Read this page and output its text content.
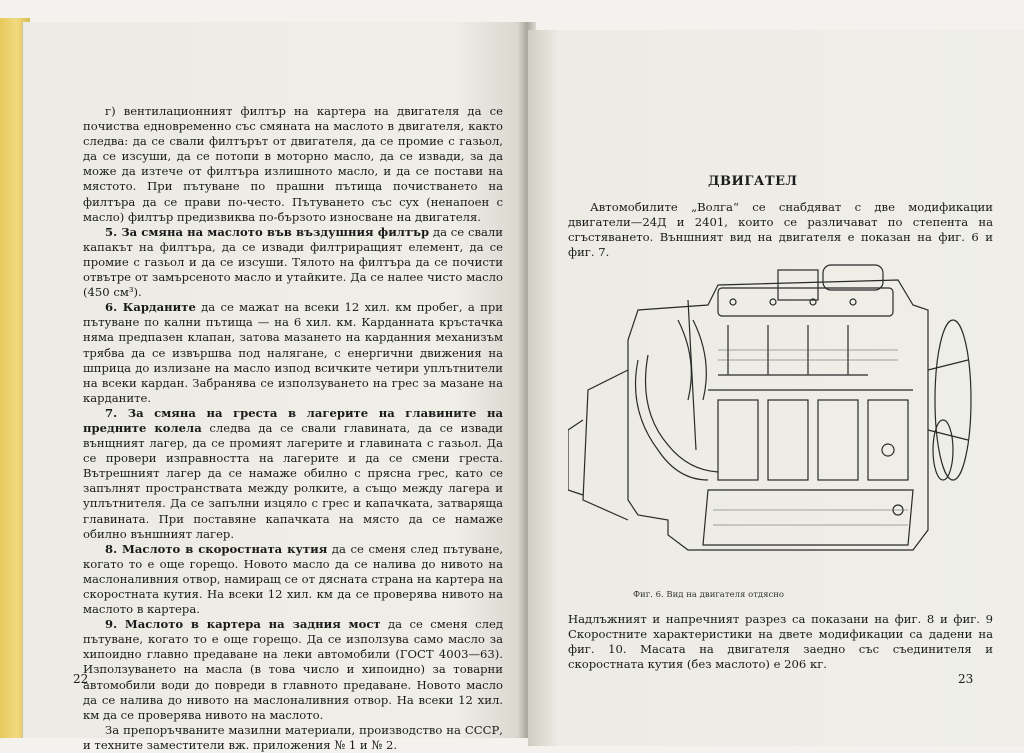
г) вентилационният филтър на картера на двигателя да се почиства едновременно със смяната на маслото в двигателя, както следва: да се свали филтърът от двигателя, да се промие с газьол, да се изсуши, да се потопи в моторно масло, да се извади, за да може да изтече от филтъра излишното масло, и да се постави на мястото. При пътуване по прашни пътища почистването на филтъра да се прави по-често. Пътуването със сух (ненапоен с масло) филтър предизвиква по-бързото износване на двигателя.

5. За смяна на маслото във въздушния филтър да се свали капакът на филтъра, да се извади филтриращият елемент, да се промие с газьол и да се изсуши. Тялото на филтъра да се почисти отвътре от замърсеното масло и утайките. Да се налее чисто масло (450 см³).

6. Карданите да се мажат на всеки 12 хил. км пробег, а при пътуване по кални пътища — на 6 хил. км. Карданната кръстачка няма предпазен клапан, затова мазането на карданния механизъм трябва да се извършва под налягане, с енергични движения на шприца до излизане на масло изпод всичките четири уплътнители на всеки кардан. Забранява се използуването на грес за мазане на карданите.

7. За смяна на греста в лагерите на главините на предните колела следва да се свали главината, да се извади вънщният лагер, да се промият лагерите и главината с газьол. Да се провери изправността на лагерите и да се смени греста. Вътрешният лагер да се намаже обилно с прясна грес, като се запълнят пространствата между ролките, а също между лагера и уплътнителя. Да се запълни изцяло с грес и капачката, затваряща главината. При поставяне капачката на място да се намаже обилно външният лагер.

8. Маслото в скоростната кутия да се сменя след пътуване, когато то е още горещо. Новото масло да се налива до нивото на маслоналивния отвор, намиращ се от дясната страна на картера на скоростната кутия. На всеки 12 хил. км да се проверява нивото на маслото в картера.

9. Маслото в картера на задния мост да се сменя след пътуване, когато то е още горещо. Да се използува само масло за хипоидно главно предаване на леки автомобили (ГОСТ 4003—63). Използуването на масла (в това число и хипоидно) за товарни автомобили води до повреди в главното предаване. Новото масло да се налива до нивото на маслоналивния отвор. На всеки 12 хил. км да се проверява нивото на маслото.

За препоръчваните мазилни материали, производство на СССР, и техните заместители вж. приложения № 1 и № 2.

22
ДВИГАТЕЛ

Автомобилите „Волга“ се снабдяват с две модификации двигатели—24Д и 2401, които се различават по степента на сгъстяването. Външният вид на двигателя е показан на фиг. 6 и фиг. 7.

Фиг. 6. Вид на двигателя отдясно

Надлъжният и напречният разрез са показани на фиг. 8 и фиг. 9 Скоростните характеристики на двете модификации са дадени на фиг. 10. Масата на двигателя заедно със съединителя и скоростната кутия (без маслото) е 206 кг.

23
